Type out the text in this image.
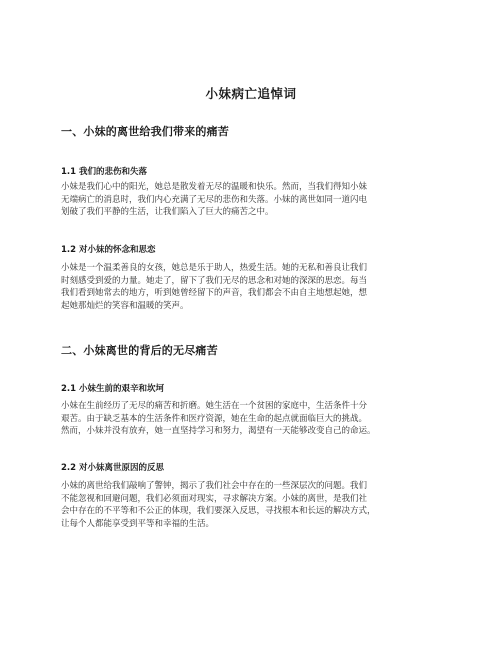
小妹病亡追悼词
一、小妹的离世给我们带来的痛苦
1.1 我们的悲伤和失落
小妹是我们心中的阳光，她总是散发着无尽的温暖和快乐。然而，当我们得知小妹
无端病亡的消息时，我们内心充满了无尽的悲伤和失落。小妹的离世如同一道闪电
划破了我们平静的生活，让我们陷入了巨大的痛苦之中。
1.2 对小妹的怀念和思恋
小妹是一个温柔善良的女孩，她总是乐于助人，热爱生活。她的无私和善良让我们
时刻感受到爱的力量。她走了，留下了我们无尽的思念和对她的深深的思恋。每当
我们看到她常去的地方，听到她曾经留下的声音，我们都会不由自主地想起她，想
起她那灿烂的笑容和温暖的笑声。
二、小妹离世的背后的无尽痛苦
2.1 小妹生前的艰辛和坎坷
小妹在生前经历了无尽的痛苦和折磨。她生活在一个贫困的家庭中，生活条件十分
艰苦。由于缺乏基本的生活条件和医疗资源，她在生命的起点就面临巨大的挑战。
然而，小妹并没有放弃，她一直坚持学习和努力，渴望有一天能够改变自己的命运。
2.2 对小妹离世原因的反思
小妹的离世给我们敲响了警钟，揭示了我们社会中存在的一些深层次的问题。我们
不能忽视和回避问题，我们必须面对现实，寻求解决方案。小妹的离世，是我们社
会中存在的不平等和不公正的体现，我们要深入反思，寻找根本和长远的解决方式，
让每个人都能享受到平等和幸福的生活。
